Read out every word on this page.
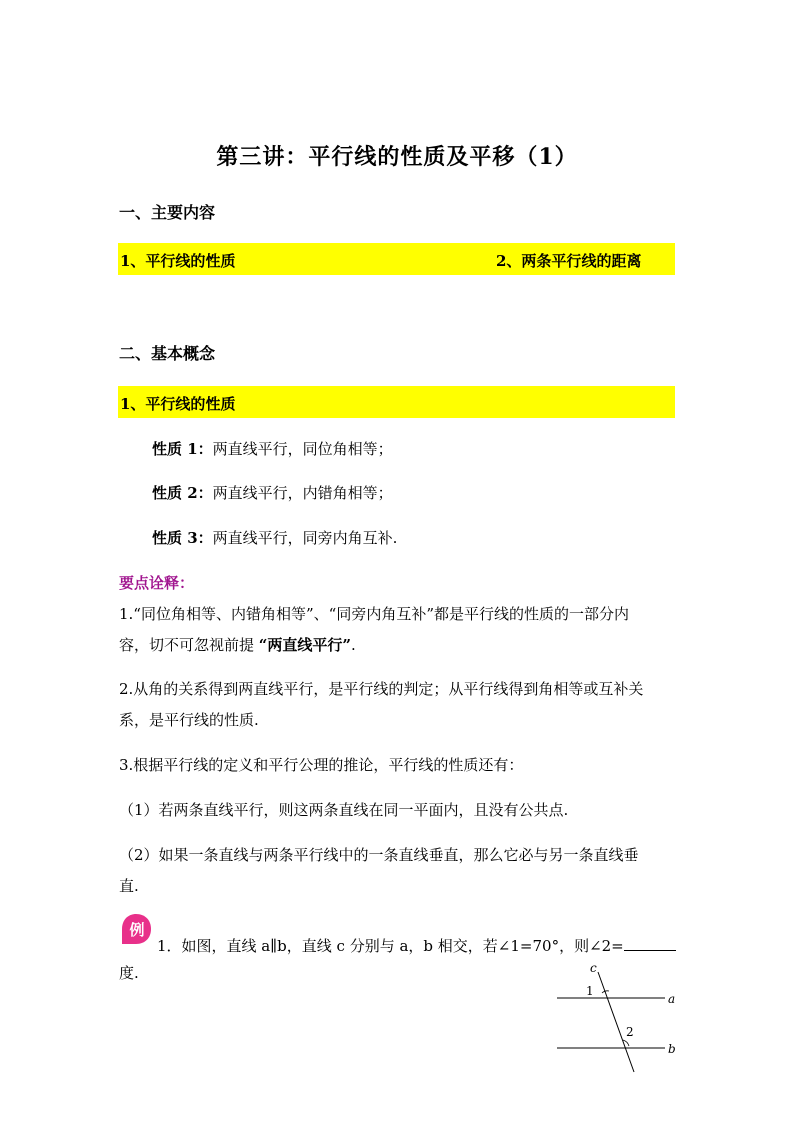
第三讲：平行线的性质及平移（1）
一、主要内容
1、平行线的性质	2、两条平行线的距离
二、基本概念
1、平行线的性质
性质 1：两直线平行，同位角相等；
性质 2：两直线平行，内错角相等；
性质 3：两直线平行，同旁内角互补.
要点诠释：
1.“同位角相等、内错角相等”、“同旁内角互补”都是平行线的性质的一部分内
容，切不可忽视前提 “两直线平行”.
2.从角的关系得到两直线平行，是平行线的判定；从平行线得到角相等或互补关
系，是平行线的性质.
3.根据平行线的定义和平行公理的推论，平行线的性质还有：
（1）若两条直线平行，则这两条直线在同一平面内，且没有公共点.
（2）如果一条直线与两条平行线中的一条直线垂直，那么它必与另一条直线垂
直.
例
1．如图，直线 a∥b，直线 c 分别与 a，b 相交，若∠1=70°，则∠2=
度.	c
a
b
1
2
